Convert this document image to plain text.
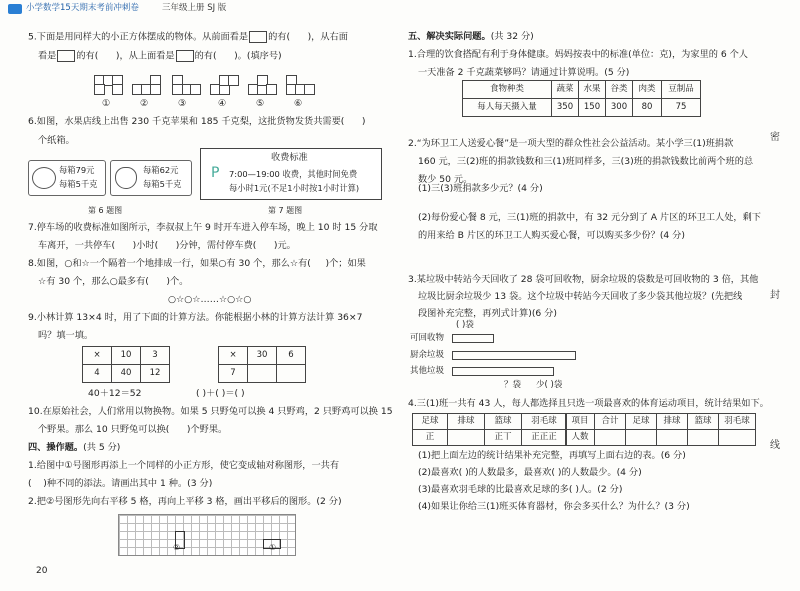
小学数学15天期末考前冲刺卷	三年级上册 SJ 版
5.下面是用同样大的小正方体摆成的物体。从前面看是 的有( )，从右面
看是 的有( )，从上面看是 的有( )。(填序号)
①	②	③	④	⑤	⑥
6.如图，水果店线上出售 230 千克苹果和 185 千克梨，这批货物发货共需要( )
个纸箱。
每箱79元
每箱5千克
每箱62元
每箱5千克
收费标准
P 7:00—19:00 收费，其他时间免费
每小时1元(不足1小时按1小时计算)
第 6 题图	第 7 题图
7.停车场的收费标准如图所示，李叔叔上午 9 时开车进入停车场，晚上 10 时 15 分取
车离开，一共停车( )小时( )分钟，需付停车费( )元。
8.如图，○和☆一个隔着一个地排成一行，如果○有 30 个，那么☆有( )个；如果
☆有 30 个，那么○最多有( )个。
○☆○☆……☆○☆○
9.小林计算 13×4 时，用了下面的计算方法。你能根据小林的计算方法计算 36×7
吗？填一填。
×	10	3
4	40	12
×	30	6
7		
40＋12＝52	( )＋( )＝( )
10.在原始社会，人们常用以物换物。如果 5 只野兔可以换 4 只野鸡，2 只野鸡可以换 15
个野果。那么 10 只野兔可以换( )个野果。
四、操作题。(共 5 分)
1.给图中①号图形再添上一个同样的小正方形，使它变成轴对称图形，一共有
( )种不同的添法。请画出其中 1 种。(3 分)
2.把②号图形先向右平移 5 格，再向上平移 3 格，画出平移后的图形。(2 分)
②	①
20
五、解决实际问题。(共 32 分)
1.合理的饮食搭配有利于身体健康。妈妈按表中的标准(单位：克)，为家里的 6 个人
一天准备 2 千克蔬菜够吗？请通过计算说明。(5 分)
食物种类	蔬菜	水果	谷类	肉类	豆制品
每人每天摄入量	350	150	300	80	75
2.“为环卫工人送爱心餐”是一项大型的群众性社会公益活动。某小学三(1)班捐款
160 元，三(2)班的捐款钱数和三(1)班同样多，三(3)班的捐款钱数比前两个班的总
数少 50 元。
(1)三(3)班捐款多少元？(4 分)
(2)每份爱心餐 8 元，三(1)班的捐款中，有 32 元分到了 A 片区的环卫工人处，剩下
的用来给 B 片区的环卫工人购买爱心餐，可以购买多少份？(4 分)
3.某垃圾中转站今天回收了 28 袋可回收物，厨余垃圾的袋数是可回收物的 3 倍，其他
垃圾比厨余垃圾少 13 袋。这个垃圾中转站今天回收了多少袋其他垃圾？(先把线
段图补充完整，再列式计算)(6 分)
( )袋
可回收物
厨余垃圾
其他垃圾
？袋 少( )袋
4.三(1)班一共有 43 人，每人都选择且只选一项最喜欢的体育运动项目，统计结果如下。
足球	排球	篮球	羽毛球
正		正丅	正正正
项目	合计	足球	排球	篮球	羽毛球
人数					
(1)把上面左边的统计结果补充完整，再填写上面右边的表。(6 分)
(2)最喜欢( )的人数最多，最喜欢( )的人数最少。(4 分)
(3)最喜欢羽毛球的比最喜欢足球的多( )人。(2 分)
(4)如果让你给三(1)班买体育器材，你会多买什么？为什么？(3 分)
密
封
线
